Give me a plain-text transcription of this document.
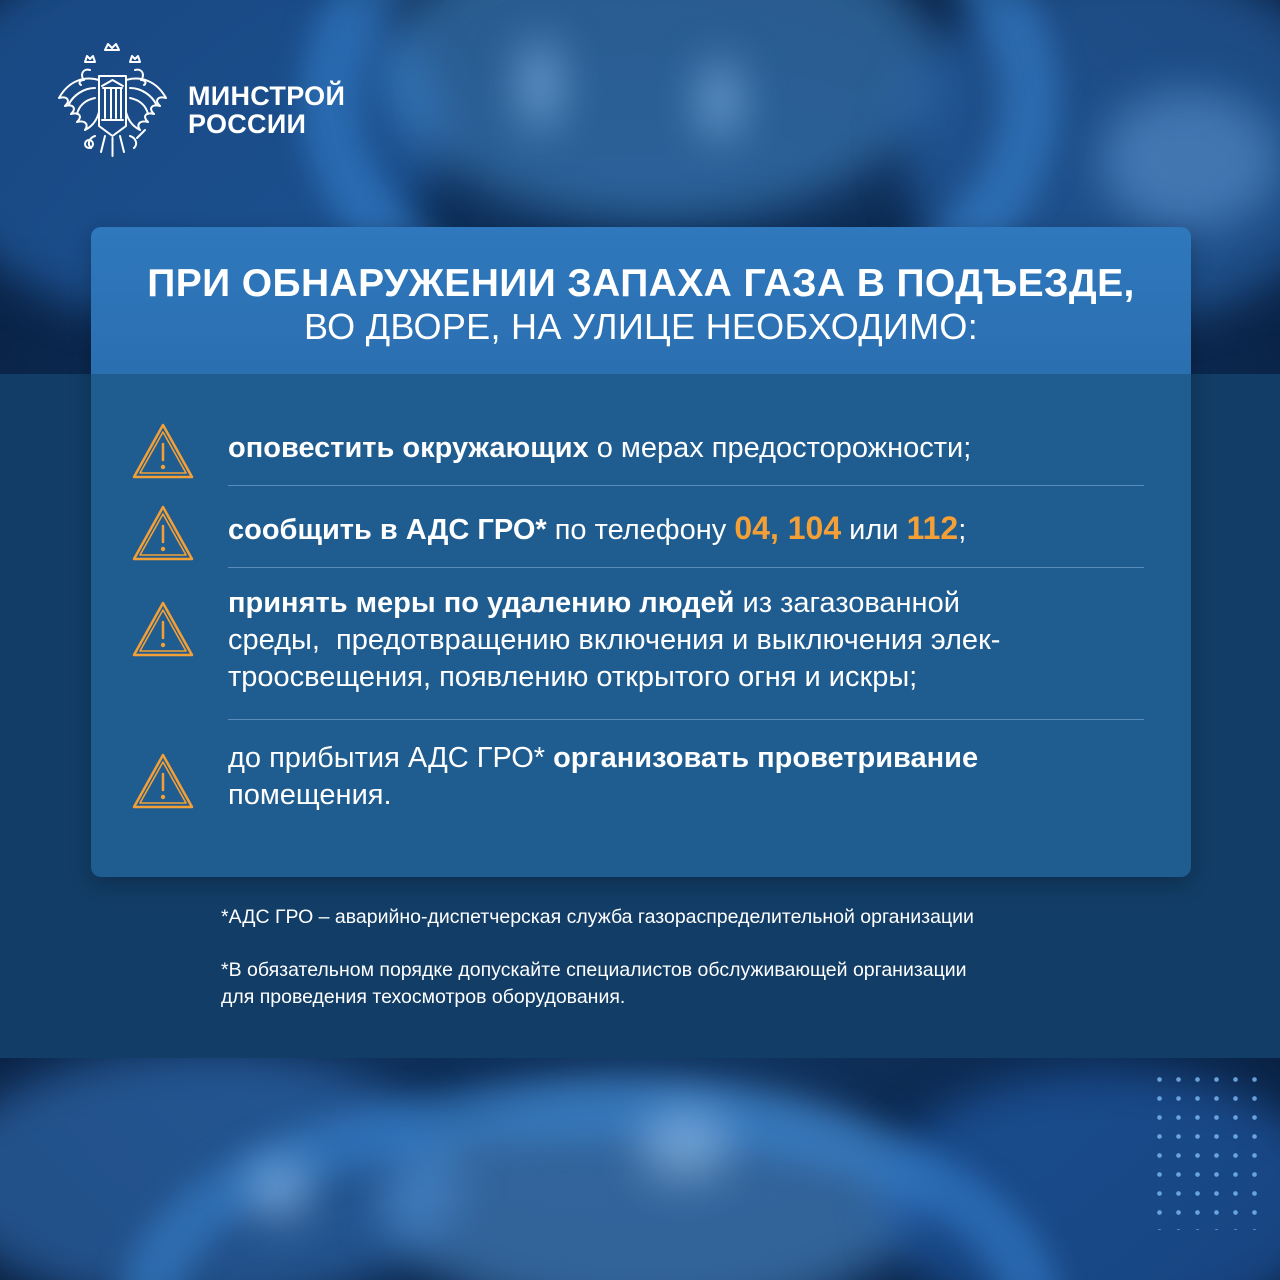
МИНСТРОЙ
РОССИИ
ПРИ ОБНАРУЖЕНИИ ЗАПАХА ГАЗА В ПОДЪЕЗДЕ,
ВО ДВОРЕ, НА УЛИЦЕ НЕОБХОДИМО:
оповестить окружающих о мерах предосторожности;
сообщить в АДС ГРО* по телефону 04, 104 или 112;
принять меры по удалению людей из загазованной
среды,  предотвращению включения и выключения элек-
троосвещения, появлению открытого огня и искры;
до прибытия АДС ГРО* организовать проветривание
помещения.
*АДС ГРО – аварийно-диспетчерская служба газораспределительной организации
*В обязательном порядке допускайте специалистов обслуживающей организации
для проведения техосмотров оборудования.
